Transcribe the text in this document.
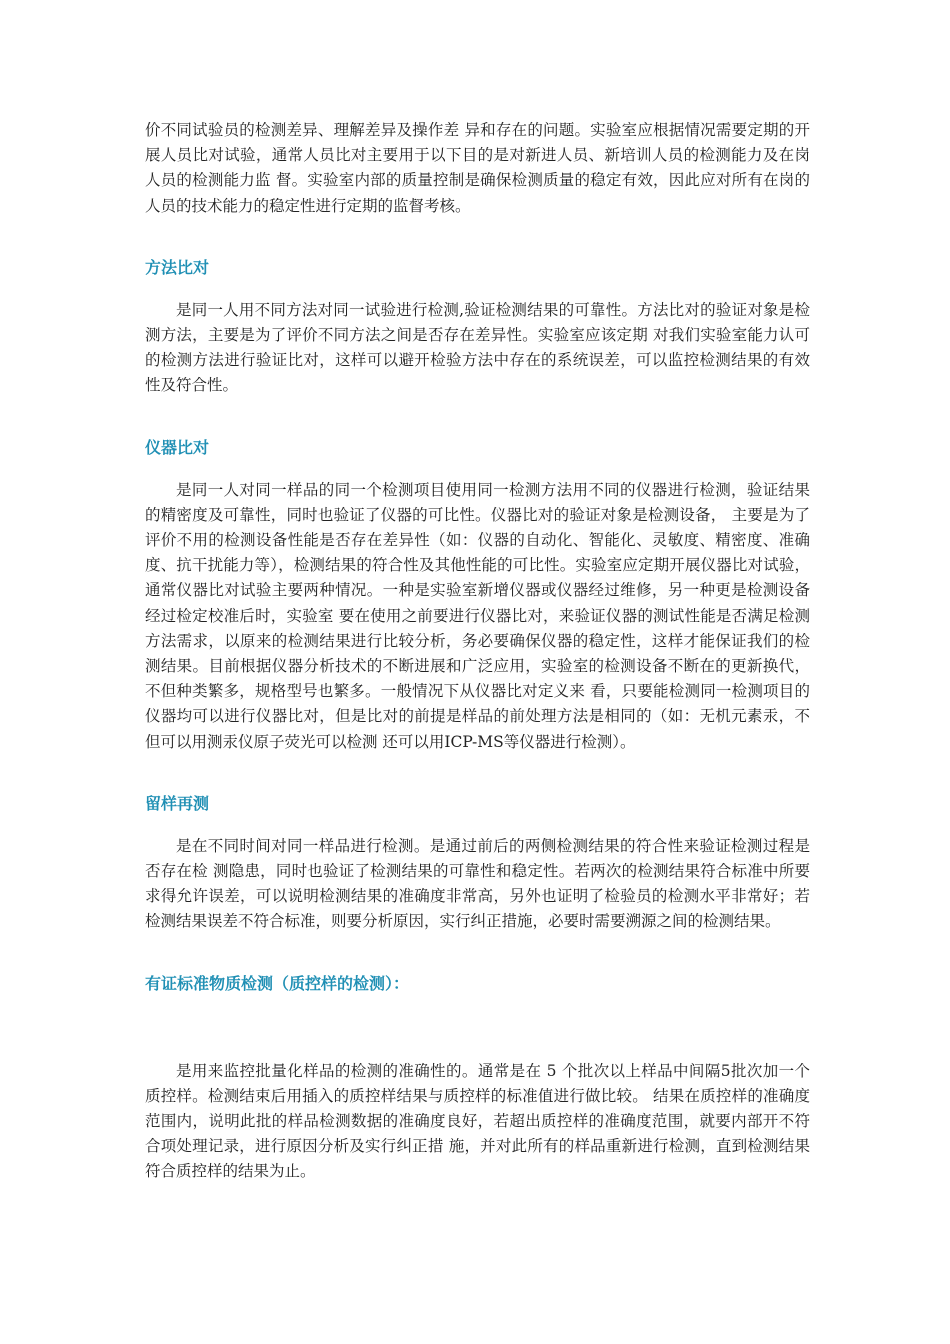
价不同试验员的检测差异、理解差异及操作差 异和存在的问题。实验室应根据情况需要定期的开展人员比对试验，通常人员比对主要用于以下目的是对新进人员、新培训人员的检测能力及在岗人员的检测能力监 督。实验室内部的质量控制是确保检测质量的稳定有效，因此应对所有在岗的人员的技术能力的稳定性进行定期的监督考核。

方法比对

是同一人用不同方法对同一试验进行检测,验证检测结果的可靠性。方法比对的验证对象是检测方法，主要是为了评价不同方法之间是否存在差异性。实验室应该定期 对我们实验室能力认可的检测方法进行验证比对，这样可以避开检验方法中存在的系统误差，可以监控检测结果的有效性及符合性。

仪器比对

是同一人对同一样品的同一个检测项目使用同一检测方法用不同的仪器进行检测，验证结果的精密度及可靠性，同时也验证了仪器的可比性。仪器比对的验证对象是检测设备， 主要是为了评价不用的检测设备性能是否存在差异性（如：仪器的自动化、智能化、灵敏度、精密度、准确度、抗干扰能力等），检测结果的符合性及其他性能的可比性。实验室应定期开展仪器比对试验，通常仪器比对试验主要两种情况。一种是实验室新增仪器或仪器经过维修，另一种更是检测设备经过检定校准后时，实验室 要在使用之前要进行仪器比对，来验证仪器的测试性能是否满足检测方法需求，以原来的检测结果进行比较分析，务必要确保仪器的稳定性，这样才能保证我们的检 测结果。目前根据仪器分析技术的不断进展和广泛应用，实验室的检测设备不断在的更新换代，不但种类繁多，规格型号也繁多。一般情况下从仪器比对定义来 看，只要能检测同一检测项目的仪器均可以进行仪器比对，但是比对的前提是样品的前处理方法是相同的（如：无机元素汞，不但可以用测汞仪原子荧光可以检测 还可以用ICP-MS等仪器进行检测）。

留样再测

是在不同时间对同一样品进行检测。是通过前后的两侧检测结果的符合性来验证检测过程是否存在检 测隐患，同时也验证了检测结果的可靠性和稳定性。若两次的检测结果符合标准中所要求得允许误差，可以说明检测结果的准确度非常高，另外也证明了检验员的检测水平非常好；若检测结果误差不符合标准，则要分析原因，实行纠正措施，必要时需要溯源之间的检测结果。

有证标准物质检测（质控样的检测）：

是用来监控批量化样品的检测的准确性的。通常是在 5 个批次以上样品中间隔5批次加一个质控样。检测结束后用插入的质控样结果与质控样的标准值进行做比较。 结果在质控样的准确度范围内，说明此批的样品检测数据的准确度良好，若超出质控样的准确度范围，就要内部开不符合项处理记录，进行原因分析及实行纠正措 施，并对此所有的样品重新进行检测，直到检测结果符合质控样的结果为止。
